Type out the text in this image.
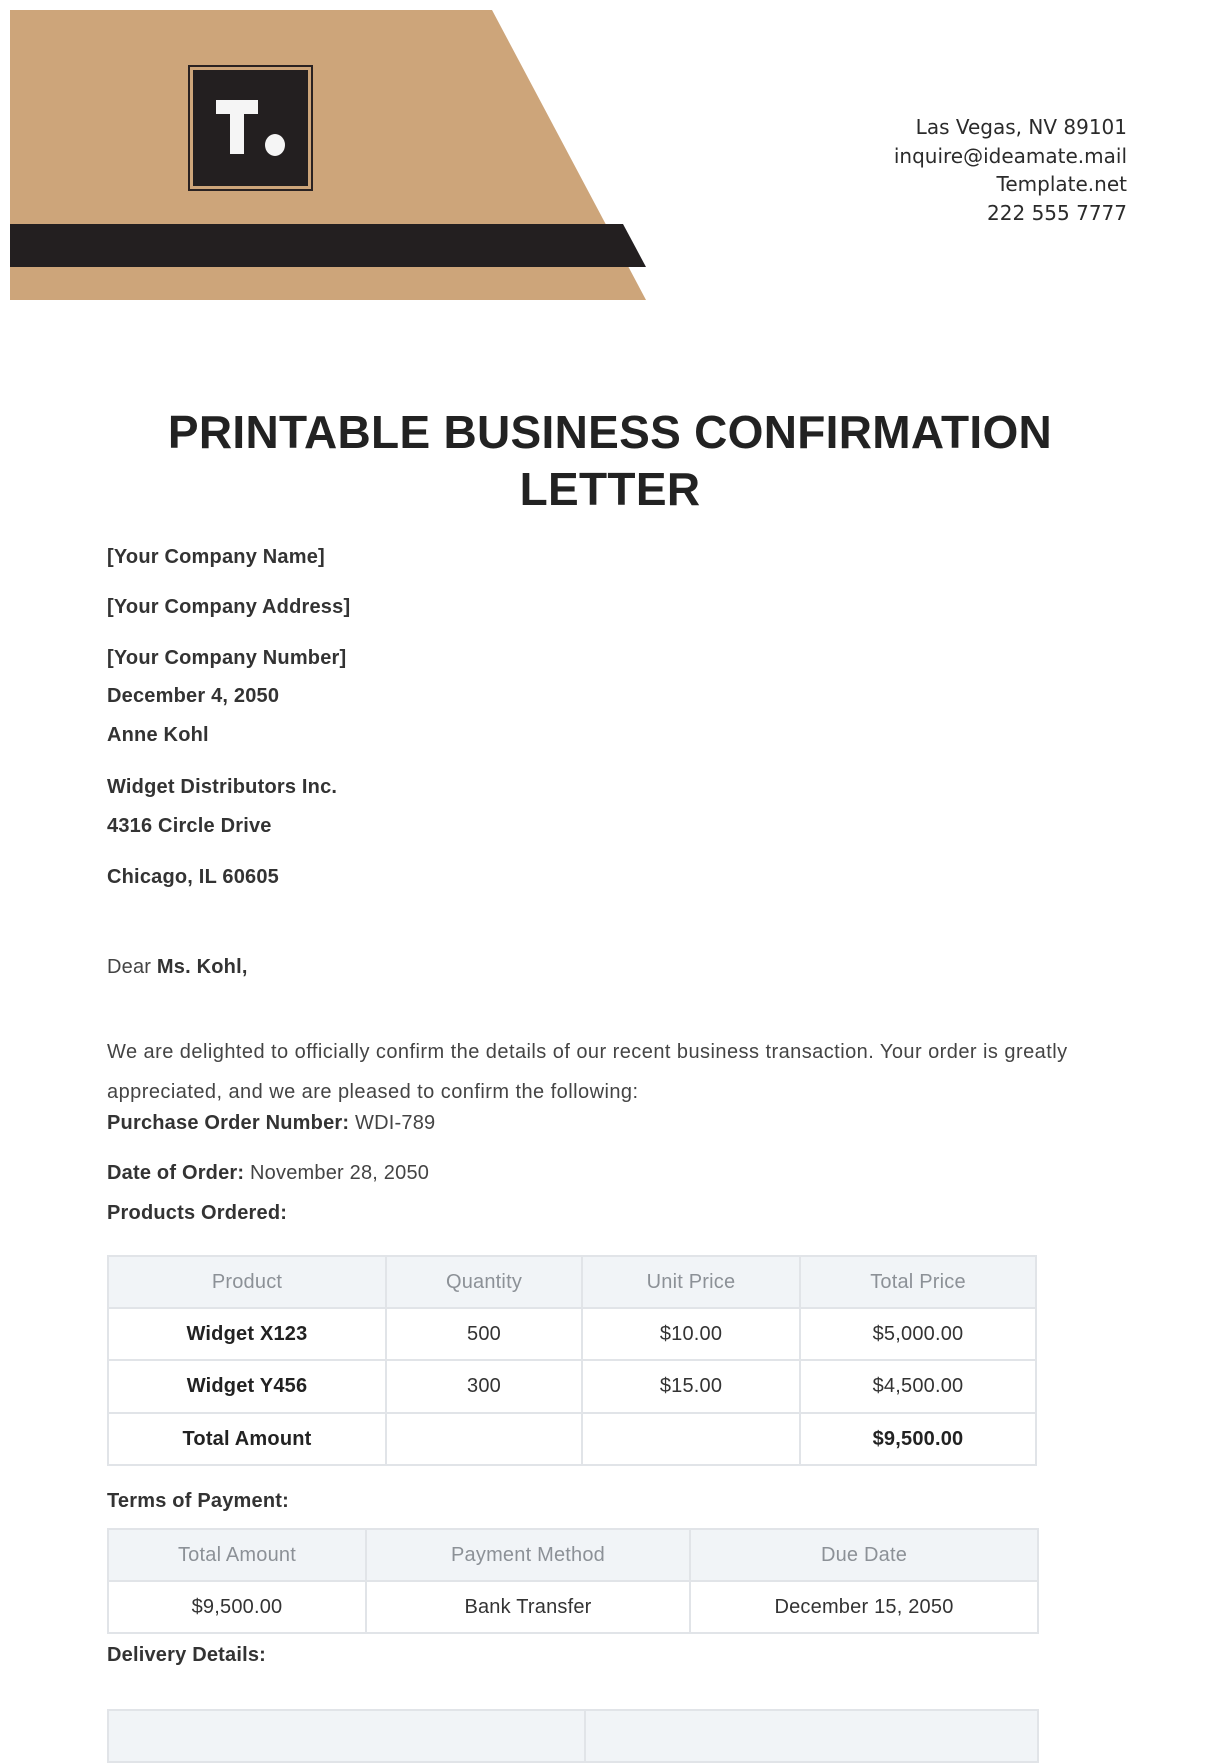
Las Vegas, NV 89101
inquire@ideamate.mail
Template.net
222 555 7777
PRINTABLE BUSINESS CONFIRMATION
LETTER
[Your Company Name]
[Your Company Address]
[Your Company Number]
December 4, 2050
Anne Kohl
Widget Distributors Inc.
4316 Circle Drive
Chicago, IL 60605
Dear Ms. Kohl,

We are delighted to officially confirm the details of our recent business transaction. Your order is greatly appreciated, and we are pleased to confirm the following:

Purchase Order Number: WDI-789
Date of Order: November 28, 2050
Products Ordered:
Product	Quantity	Unit Price	Total Price
Widget X123	500	$10.00	$5,000.00
Widget Y456	300	$15.00	$4,500.00
Total Amount			$9,500.00
Terms of Payment:
Total Amount	Payment Method	Due Date
$9,500.00	Bank Transfer	December 15, 2050
Delivery Details:
